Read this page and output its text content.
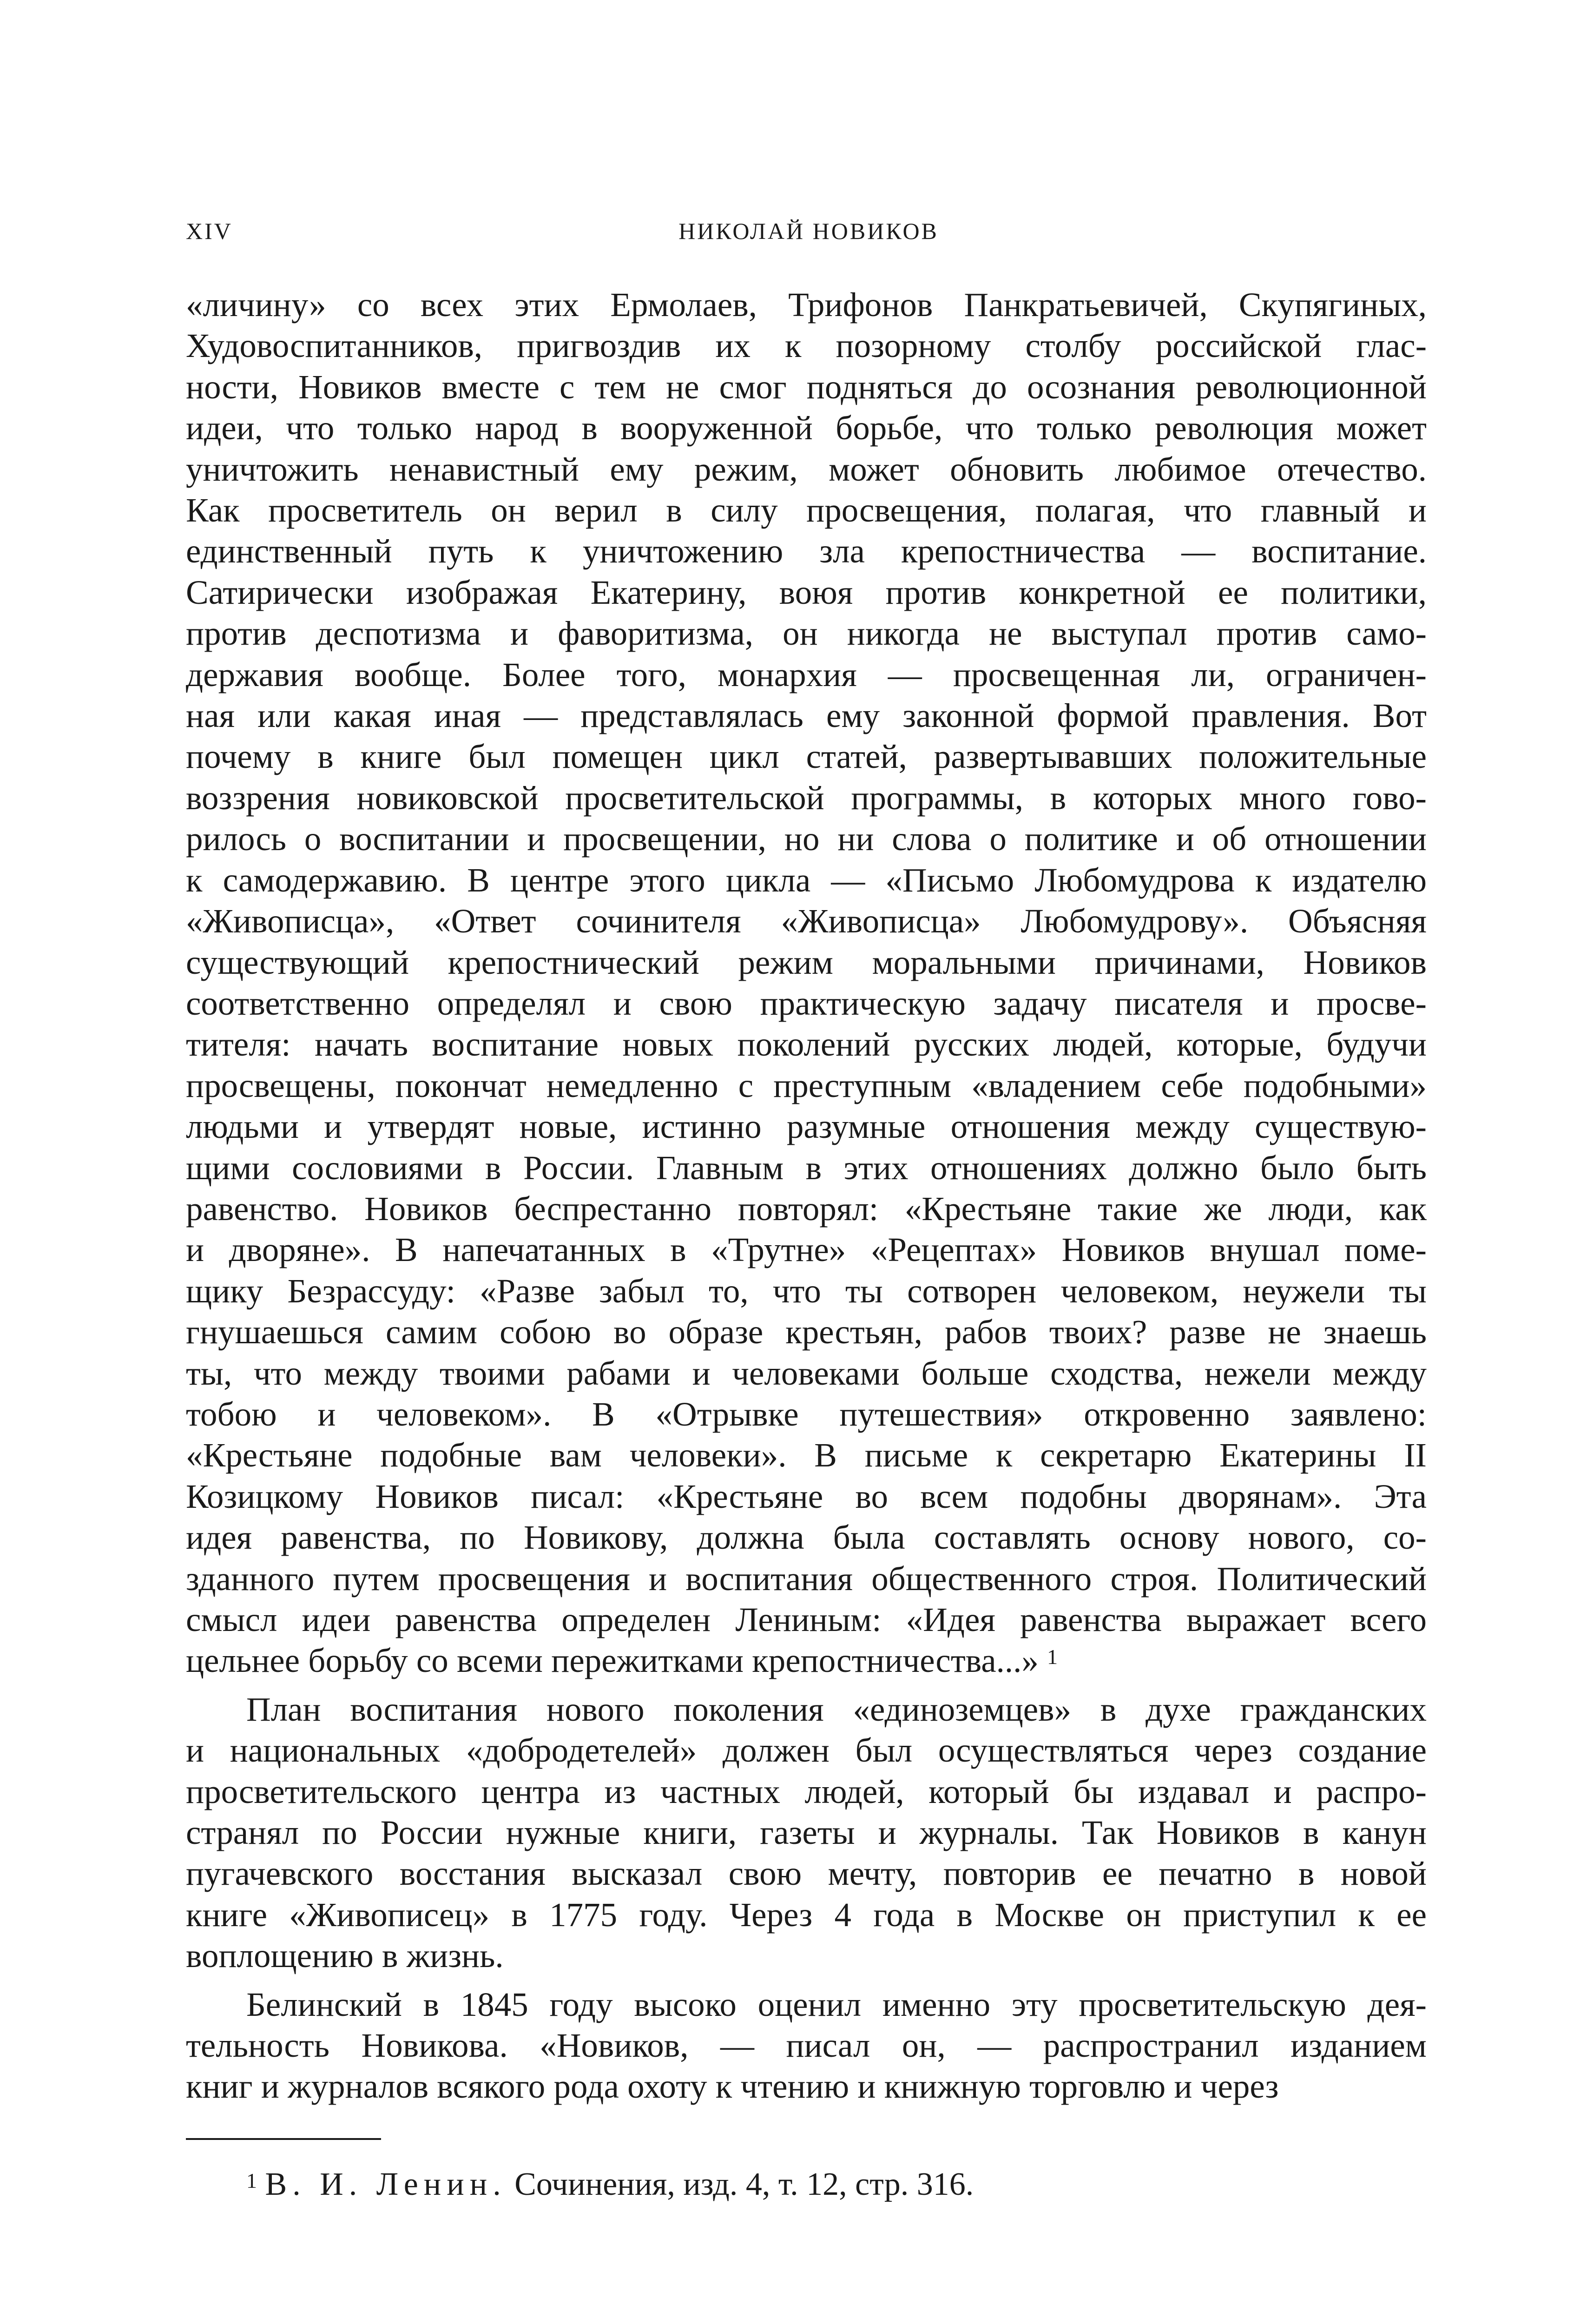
XIV	НИКОЛАЙ НОВИКОВ
«личину» со всех этих Ермолаев, Трифонов Панкратьевичей, Скупягиных,
Худовоспитанников, пригвоздив их к позорному столбу российской глас-
ности, Новиков вместе с тем не смог подняться до осознания революционной
идеи, что только народ в вооруженной борьбе, что только революция может
уничтожить ненавистный ему режим, может обновить любимое отечество.
Как просветитель он верил в силу просвещения, полагая, что главный и
единственный путь к уничтожению зла крепостничества — воспитание.
Сатирически изображая Екатерину, воюя против конкретной ее политики,
против деспотизма и фаворитизма, он никогда не выступал против само-
державия вообще. Более того, монархия — просвещенная ли, ограничен-
ная или какая иная — представлялась ему законной формой правления. Вот
почему в книге был помещен цикл статей, развертывавших положительные
воззрения новиковской просветительской программы, в которых много гово-
рилось о воспитании и просвещении, но ни слова о политике и об отношении
к самодержавию. В центре этого цикла — «Письмо Любомудрова к издателю
«Живописца», «Ответ сочинителя «Живописца» Любомудрову». Объясняя
существующий крепостнический режим моральными причинами, Новиков
соответственно определял и свою практическую задачу писателя и просве-
тителя: начать воспитание новых поколений русских людей, которые, будучи
просвещены, покончат немедленно с преступным «владением себе подобными»
людьми и утвердят новые, истинно разумные отношения между существую-
щими сословиями в России. Главным в этих отношениях должно было быть
равенство. Новиков беспрестанно повторял: «Крестьяне такие же люди, как
и дворяне». В напечатанных в «Трутне» «Рецептах» Новиков внушал поме-
щику Безрассуду: «Разве забыл то, что ты сотворен человеком, неужели ты
гнушаешься самим собою во образе крестьян, рабов твоих? разве не знаешь
ты, что между твоими рабами и человеками больше сходства, нежели между
тобою и человеком». В «Отрывке путешествия» откровенно заявлено:
«Крестьяне подобные вам человеки». В письме к секретарю Екатерины II
Козицкому Новиков писал: «Крестьяне во всем подобны дворянам». Эта
идея равенства, по Новикову, должна была составлять основу нового, со-
зданного путем просвещения и воспитания общественного строя. Политический
смысл идеи равенства определен Лениным: «Идея равенства выражает всего
цельнее борьбу со всеми пережитками крепостничества...» $^1$
План воспитания нового поколения «единоземцев» в духе гражданских
и национальных «добродетелей» должен был осуществляться через создание
просветительского центра из частных людей, который бы издавал и распро-
странял по России нужные книги, газеты и журналы. Так Новиков в канун
пугачевского восстания высказал свою мечту, повторив ее печатно в новой
книге «Живописец» в 1775 году. Через 4 года в Москве он приступил к ее
воплощению в жизнь.
Белинский в 1845 году высоко оценил именно эту просветительскую дея-
тельность Новикова. «Новиков, — писал он, — распространил изданием
книг и журналов всякого рода охоту к чтению и книжную торговлю и через
$^1$ В. И. Ленин. Сочинения, изд. 4, т. 12, стр. 316.
